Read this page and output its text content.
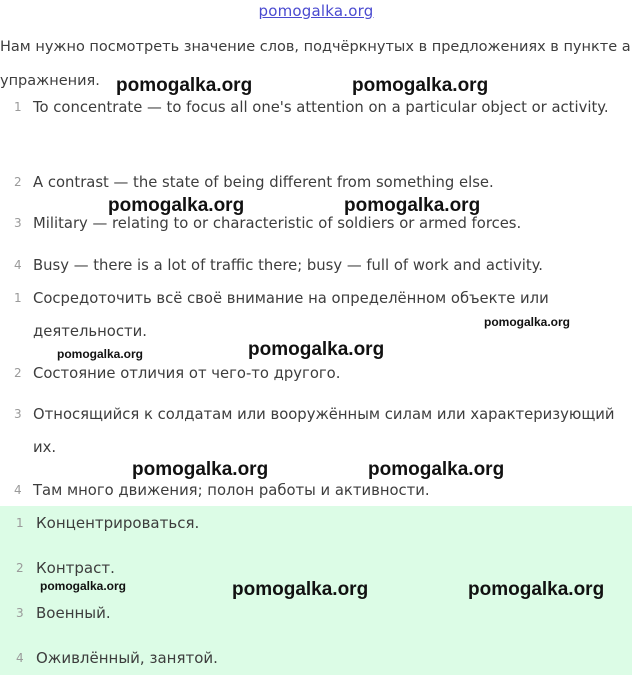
pomogalka.org
Нам нужно посмотреть значение слов, подчёркнутых в предложениях в пункте а упражнения.
1 To concentrate — to focus all one's attention on a particular object or activity.
2 A contrast — the state of being different from something else.
3 Military — relating to or characteristic of soldiers or armed forces.
4 Busy — there is a lot of traffic there; busy — full of work and activity.
1 Сосредоточить всё своё внимание на определённом объекте или деятельности.
2 Состояние отличия от чего-то другого.
3 Относящийся к солдатам или вооружённым силам или характеризующий их.
4 Там много движения; полон работы и активности.
1 Концентрироваться.
2 Контраст.
3 Военный.
4 Оживлённый, занятой.
pomogalka.org	pomogalka.org
pomogalka.org	pomogalka.org
pomogalka.org
pomogalka.org	pomogalka.org
pomogalka.org	pomogalka.org
pomogalka.org	pomogalka.org	pomogalka.org
